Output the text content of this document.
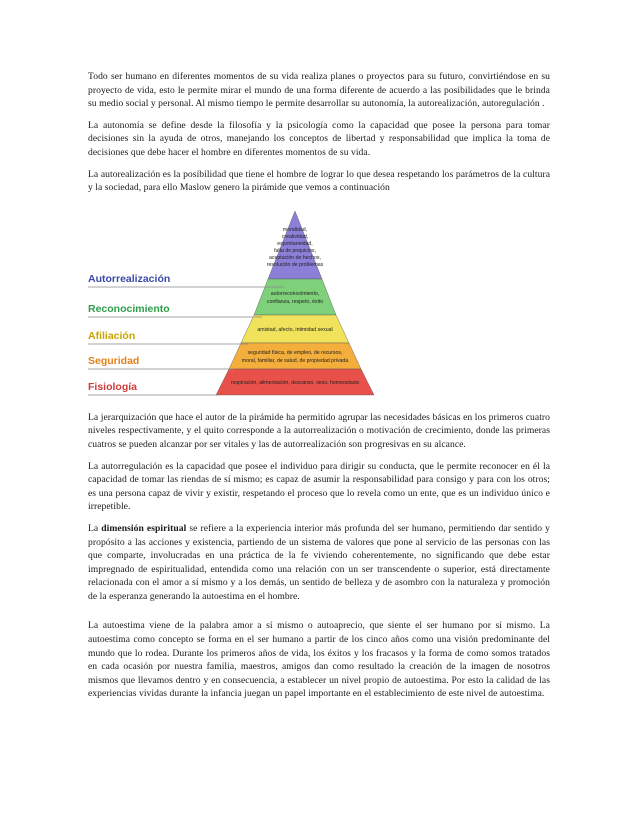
Todo ser humano en diferentes momentos de su vida realiza planes o proyectos para su futuro, convirtiéndose en su proyecto de vida, esto le permite mirar el mundo de una forma diferente de acuerdo a las posibilidades que le brinda su medio social y personal. Al mismo tiempo le permite desarrollar su autonomía, la autorealización, autoregulación .

La autonomía se define desde la filosofía y la psicología como la capacidad que posee la persona para tomar decisiones sin la ayuda de otros, manejando los conceptos de libertad y responsabilidad que implica la toma de decisiones que debe hacer el hombre en diferentes momentos de su vida.

La autorealización es la posibilidad que tiene el hombre de lograr lo que desea respetando los parámetros de la cultura y la sociedad, para ello Maslow genero la pirámide que vemos a continuación

moralidad,
creatividad,
espontaneidad,
falta de prejuicios,
aceptación de hechos,
resolución de problemas
autorreconocimiento,
confianza, respeto, éxito
amistad, afecto, intimidad sexual
seguridad física, de empleo, de recursos,
moral, familiar, de salud, de propiedad privada
respiración, alimentación, descanso, sexo, homeostasis
Autorrealización
Reconocimiento
Afiliación
Seguridad
Fisiología

La jerarquización que hace el autor de la pirámide ha permitido agrupar las necesidades básicas en los primeros cuatro niveles respectivamente, y el quito corresponde a la autorrealización o motivación de crecimiento, donde las primeras cuatros se pueden alcanzar por ser vitales y las de autorrealización son progresivas en su alcance.

La autorregulación es la capacidad que posee el individuo para dirigir su conducta, que le permite reconocer en él la capacidad de tomar las riendas de sí mismo; es capaz de asumir la responsabilidad para consigo y para con los otros; es una persona capaz de vivir y existir, respetando el proceso que lo revela como un ente, que es un individuo único e irrepetible.

La dimensión espiritual se refiere a la experiencia interior más profunda del ser humano, permitiendo dar sentido y propósito a las acciones y existencia, partiendo de un sistema de valores que pone al servicio de las personas con las que comparte, involucradas en una práctica de la fe viviendo coherentemente, no significando que debe estar impregnado de espiritualidad, entendida como una relación con un ser transcendente o superior, está directamente relacionada con el amor a sí mismo y a los demás, un sentido de belleza y de asombro con la naturaleza y promoción de la esperanza generando la autoestima en el hombre.

La autoestima viene de la palabra amor a sí mismo o autoaprecio, que siente el ser humano por sí mismo. La autoestima como concepto se forma en el ser humano a partir de los cinco años como una visión predominante del mundo que lo rodea. Durante los primeros años de vida, los éxitos y los fracasos y la forma de como somos tratados en cada ocasión por nuestra familia, maestros, amigos dan como resultado la creación de la imagen de nosotros mismos que llevamos dentro y en consecuencia, a establecer un nivel propio de autoestima. Por esto la calidad de las experiencias vividas durante la infancia juegan un papel importante en el establecimiento de este nivel de autoestima.
